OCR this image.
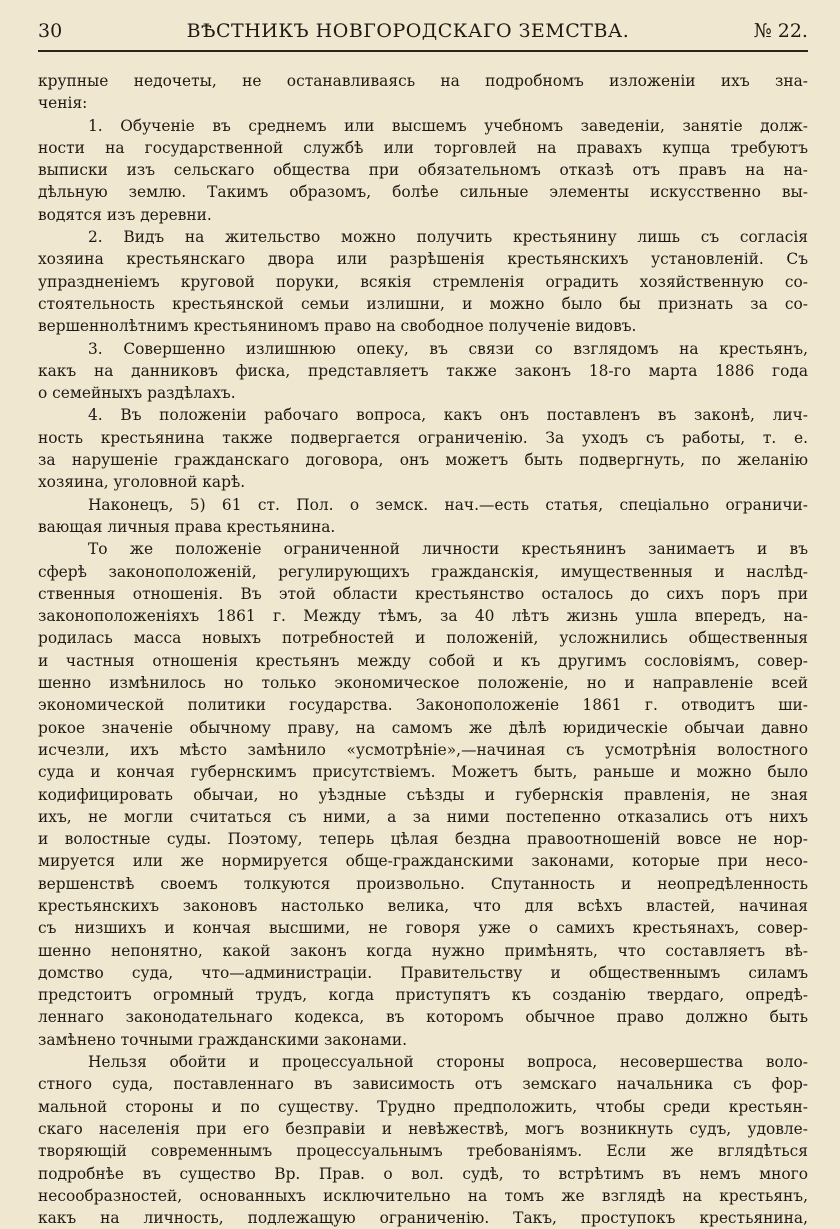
30	ВѢСТНИКЪ НОВГОРОДСКАГО ЗЕМСТВА.	№ 22.
крупные недочеты, не останавливаясь на подробномъ изложеніи ихъ зна-
ченія:
1. Обученіе въ среднемъ или высшемъ учебномъ заведеніи, занятіе долж-
ности на государственной службѣ или торговлей на правахъ купца требуютъ
выписки изъ сельскаго общества при обязательномъ отказѣ отъ правъ на на-
дѣльную землю. Такимъ образомъ, болѣе сильные элементы искусственно вы-
водятся изъ деревни.
2. Видъ на жительство можно получить крестьянину лишь съ согласія
хозяина крестьянскаго двора или разрѣшенія крестьянскихъ установленій. Съ
упраздненіемъ круговой поруки, всякія стремленія оградить хозяйственную со-
стоятельность крестьянской семьи излишни, и можно было бы признать за со-
вершеннолѣтнимъ крестьяниномъ право на свободное полученіе видовъ.
3. Совершенно излишнюю опеку, въ связи со взглядомъ на крестьянъ,
какъ на данниковъ фиска, представляетъ также законъ 18-го марта 1886 года
о семейныхъ раздѣлахъ.
4. Въ положеніи рабочаго вопроса, какъ онъ поставленъ въ законѣ, лич-
ность крестьянина также подвергается ограниченію. За уходъ съ работы, т. е.
за нарушеніе гражданскаго договора, онъ можетъ быть подвергнуть, по желанію
хозяина, уголовной карѣ.
Наконецъ, 5) 61 ст. Пол. о земск. нач.—есть статья, спеціально ограничи-
вающая личныя права крестьянина.
То же положеніе ограниченной личности крестьянинъ занимаетъ и въ
сферѣ законоположеній, регулирующихъ гражданскія, имущественныя и наслѣд-
ственныя отношенія. Въ этой области крестьянство осталось до сихъ поръ при
законоположеніяхъ 1861 г. Между тѣмъ, за 40 лѣтъ жизнь ушла впередъ, на-
родилась масса новыхъ потребностей и положеній, усложнились общественныя
и частныя отношенія крестьянъ между собой и къ другимъ сословіямъ, совер-
шенно измѣнилось но только экономическое положеніе, но и направленіе всей
экономической политики государства. Законоположеніе 1861 г. отводитъ ши-
рокое значеніе обычному праву, на самомъ же дѣлѣ юридическіе обычаи давно
исчезли, ихъ мѣсто замѣнило «усмотрѣніе»,—начиная съ усмотрѣнія волостного
суда и кончая губернскимъ присутствіемъ. Можетъ быть, раньше и можно было
кодифицировать обычаи, но уѣздные съѣзды и губернскія правленія, не зная
ихъ, не могли считаться съ ними, а за ними постепенно отказались отъ нихъ
и волостные суды. Поэтому, теперь цѣлая бездна правоотношеній вовсе не нор-
мируется или же нормируется обще-гражданскими законами, которые при несо-
вершенствѣ своемъ толкуются произвольно. Спутанность и неопредѣленность
крестьянскихъ законовъ настолько велика, что для всѣхъ властей, начиная
съ низшихъ и кончая высшими, не говоря уже о самихъ крестьянахъ, совер-
шенно непонятно, какой законъ когда нужно примѣнять, что составляетъ вѣ-
домство суда, что—администраціи. Правительству и общественнымъ силамъ
предстоитъ огромный трудъ, когда приступятъ къ созданію твердаго, опредѣ-
леннаго законодательнаго кодекса, въ которомъ обычное право должно быть
замѣнено точными гражданскими законами.
Нельзя обойти и процессуальной стороны вопроса, несовершества воло-
стного суда, поставленнаго въ зависимость отъ земскаго начальника съ фор-
мальной стороны и по существу. Трудно предположить, чтобы среди крестьян-
скаго населенія при его безправіи и невѣжествѣ, могъ возникнуть судъ, удовле-
творяющій современнымъ процессуальнымъ требованіямъ. Если же вглядѣться
подробнѣе въ существо Вр. Прав. о вол. судѣ, то встрѣтимъ въ немъ много
несообразностей, основанныхъ исключительно на томъ же взглядѣ на крестьянъ,
какъ на личность, подлежащую ограниченію. Такъ, проступокъ крестьянина,
